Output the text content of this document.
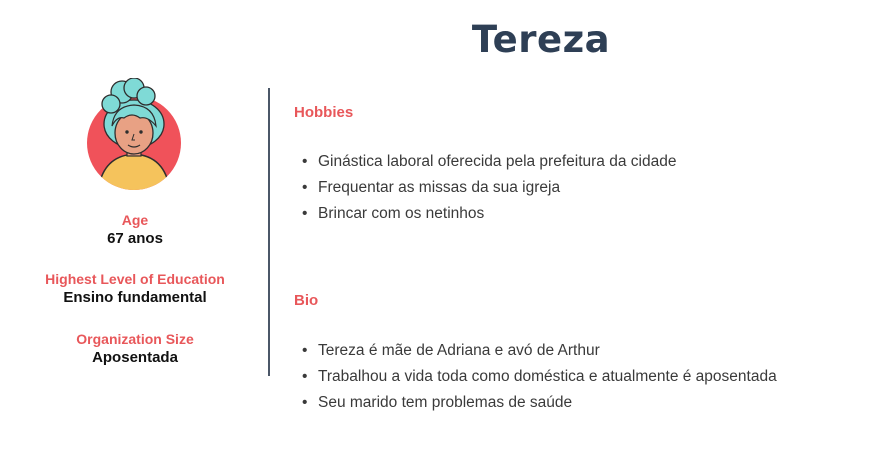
Tereza
Age
67 anos
Highest Level of Education
Ensino fundamental
Organization Size
Aposentada
Hobbies
• Ginástica laboral oferecida pela prefeitura da cidade
• Frequentar as missas da sua igreja
• Brincar com os netinhos
Bio
• Tereza é mãe de Adriana e avó de Arthur
• Trabalhou a vida toda como doméstica e atualmente é aposentada
• Seu marido tem problemas de saúde
